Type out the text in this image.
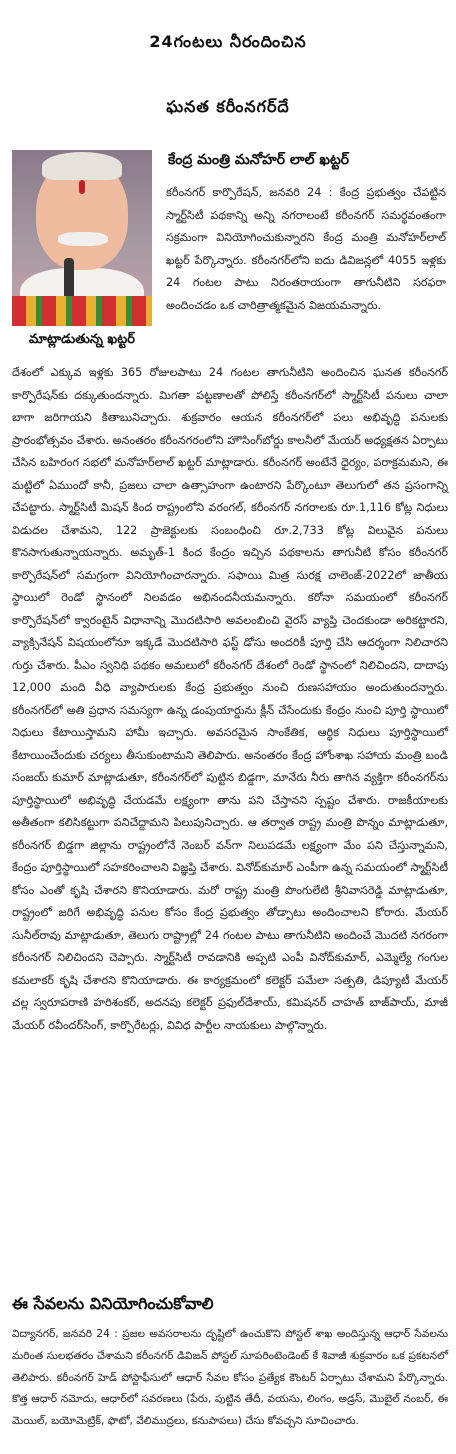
24గంటలు నీరందించిన
ఘనత కరీంనగర్‌దే
మాట్లాడుతున్న ఖట్టర్
కేంద్ర మంత్రి మనోహర్ లాల్ ఖట్టర్

కరీంనగర్ కార్పొరేషన్, జనవరి 24 : కేంద్ర ప్రభుత్వం చేపట్టిన స్మార్ట్‌సిటీ పథకాన్ని అన్ని నగరాలంటే కరీంనగర్ సమర్థవంతంగా సక్రమంగా వినియోగించుకున్నారని కేంద్ర మంత్రి మనోహర్‌లాల్ ఖట్టర్ పేర్కొన్నారు. కరీంనగర్‌లోని ఐదు డివిజన్లలో 4055 ఇళ్లకు 24 గంటల పాటు నిరంతరాయంగా తాగునీటిని సరఫరా అందించడం ఒక చారిత్రాత్మకమైన విజయమన్నారు.

దేశంలో ఎక్కువ ఇళ్లకు 365 రోజులపాటు 24 గంటల తాగునీటిని అందించిన ఘనత కరీంనగర్ కార్పొరేషన్‌కు దక్కుతుందన్నారు. మిగతా పట్టణాలతో పోలిస్తే కరీంనగర్‌లో స్మార్ట్‌సిటీ పనులు చాలా బాగా జరిగాయని కితాబునిచ్చారు. శుక్రవారం ఆయన కరీంనగర్‌లో పలు అభివృద్ధి పనులకు ప్రారంభోత్సవం చేశారు. అనంతరం కరీంనగరంలోని హౌసింగ్‌బోర్డు కాలనీలో మేయర్ అధ్యక్షతన ఏర్పాటు చేసిన బహిరంగ సభలో మనోహర్‌లాల్ ఖట్టర్ మాట్లాడారు. కరీంనగర్ అంటేనే ధైర్యం, పరాక్రమమని, ఈ మట్టిలో ఏముందో కానీ, ప్రజలు చాలా ఉత్సాహంగా ఉంటారని పేర్కొంటూ తెలుగులో తన ప్రసంగాన్ని చేపట్టారు. స్మార్ట్‌సిటీ మిషన్ కింద రాష్ట్రంలోని వరంగల్, కరీంనగర్ నగరాలకు రూ.1,116 కోట్ల నిధులు విడుదల చేశామని, 122 ప్రాజెక్టులకు సంబంధించి రూ.2,733 కోట్ల విలువైన పనులు కొనసాగుతున్నాయన్నారు. అమృత్-1 కింద కేంద్రం ఇచ్చిన పథకాలను తాగునీటి కోసం కరీంనగర్ కార్పొరేషన్‌లో సమగ్రంగా వినియోగించారన్నారు. సఫాయి మిత్ర సురక్ష చాలెంజ్-2022లో జాతీయ స్థాయిలో రెండో స్థానంలో నిలవడం అభినందనీయమన్నారు. కరోనా సమయంలో కరీంనగర్ కార్పొరేషన్‌లో క్వారంటైన్ విధానాన్ని మొదటిసారి అవలంబించి వైరస్ వ్యాప్తి చెందకుండా అరికట్టారని, వ్యాక్సినేషన్ విషయంలోనూ ఇక్కడే మొదటిసారి ఫస్ట్ డోసు అందరికీ పూర్తి చేసి ఆదర్శంగా నిలిచారని గుర్తు చేశారు. పీఎం స్వనిధి పథకం అమలులో కరీంనగర్ దేశంలో రెండో స్థానంలో నిలిచిందని, దాదాపు 12,000 మంది వీధి వ్యాపారులకు కేంద్ర ప్రభుత్వం నుంచి రుణసహాయం అందుతుందన్నారు. కరీంనగర్‌లో అతి ప్రధాన సమస్యగా ఉన్న డంపుయార్డును క్లీన్ చేసేందుకు కేంద్రం నుంచి పూర్తి స్థాయిలో నిధులు కేటాయిస్తామని హామీ ఇచ్చారు. అవసరమైన సాంకేతిక, ఆర్థిక నిధులు పూర్తిస్థాయిలో కేటాయించేందుకు చర్యలు తీసుకుంటామని తెలిపారు. అనంతరం కేంద్ర హోంశాఖ సహాయ మంత్రి బండి సంజయ్ కుమార్ మాట్లాడుతూ, కరీంనగర్‌లో పుట్టిన బిడ్డగా, మానేరు నీరు తాగిన వ్యక్తిగా కరీంనగర్‌ను పూర్తిస్థాయిలో అభివృద్ధి చేయడమే లక్ష్యంగా తాను పని చేస్తానని స్పష్టం చేశారు. రాజకీయాలకు అతీతంగా కలిసికట్టుగా పనిచేద్దామని పిలుపునిచ్చారు. ఆ తర్వాత రాష్ట్ర మంత్రి పొన్నం మాట్లాడుతూ, కరీంనగర్ బిడ్డగా జిల్లాను రాష్ట్రంలోనే నెంబర్ వన్‌గా నిలుపడమే లక్ష్యంగా మేం పని చేస్తున్నామని, కేంద్రం పూర్తిస్థాయిలో సహకరించాలని విజ్ఞప్తి చేశారు. వినోద్‌కుమార్ ఎంపీగా ఉన్న సమయంలో స్మార్ట్‌సిటీ కోసం ఎంతో కృషి చేశారని కొనియాడారు. మరో రాష్ట్ర మంత్రి పొంగులేటి శ్రీనివాసరెడ్డి మాట్లాడుతూ, రాష్ట్రంలో జరిగే అభివృద్ధి పనుల కోసం కేంద్ర ప్రభుత్వం తోడ్పాటు అందించాలని కోరారు. మేయర్ సునీల్‌రావు మాట్లాడుతూ, తెలుగు రాష్ట్రాల్లో 24 గంటల పాటు తాగునీటిని అందించే మొదటి నగరంగా కరీంనగర్ నిలిచిందని చెప్పారు. స్మార్ట్‌సిటీ రావడానికి అప్పటి ఎంపీ వినోద్‌కుమార్, ఎమ్మెల్యే గంగుల కమలాకర్ కృషి చేశారని కొనియాడారు. ఈ కార్యక్రమంలో కలెక్టర్ పమేలా సత్పతి, డిప్యూటీ మేయర్ చల్ల స్వరూపరాణి హరిశంకర్, అదనపు కలెక్టర్ ప్రఫుల్‌దేశాయ్, కమిషనర్ చాహత్ బాజ్‌పాయ్, మాజీ మేయర్ రవీందర్‌సింగ్, కార్పొరేటర్లు, వివిధ పార్టీల నాయకులు పాల్గొన్నారు.

ఈ సేవలను వినియోగించుకోవాలి

విద్యానగర్, జనవరి 24 : ప్రజల అవసరాలను దృష్టిలో ఉంచుకొని పోస్టల్ శాఖ అందిస్తున్న ఆధార్ సేవలను మరింత సులభతరం చేశామని కరీంనగర్ డివిజన్ పోస్టల్ సూపరింటెండెంట్ కే శివాజీ శుక్రవారం ఒక ప్రకటనలో తెలిపారు. కరీంనగర్ హెడ్ పోస్టాఫీసులో ఆధార్ సేవల కోసం ప్రత్యేక కౌంటర్ ఏర్పాటు చేశామని పేర్కొన్నారు. కొత్త ఆధార్ నమోదు, ఆధార్‌లో సవరణలు (పేరు, పుట్టిన తేదీ, వయసు, లింగం, అడ్రస్, మొబైల్ నంబర్, ఈ మెయిల్, బయోమెట్రిక్, ఫొటో, వేలిముద్రలు, కనుపాపలు) చేసు కోవచ్చని సూచించారు.
